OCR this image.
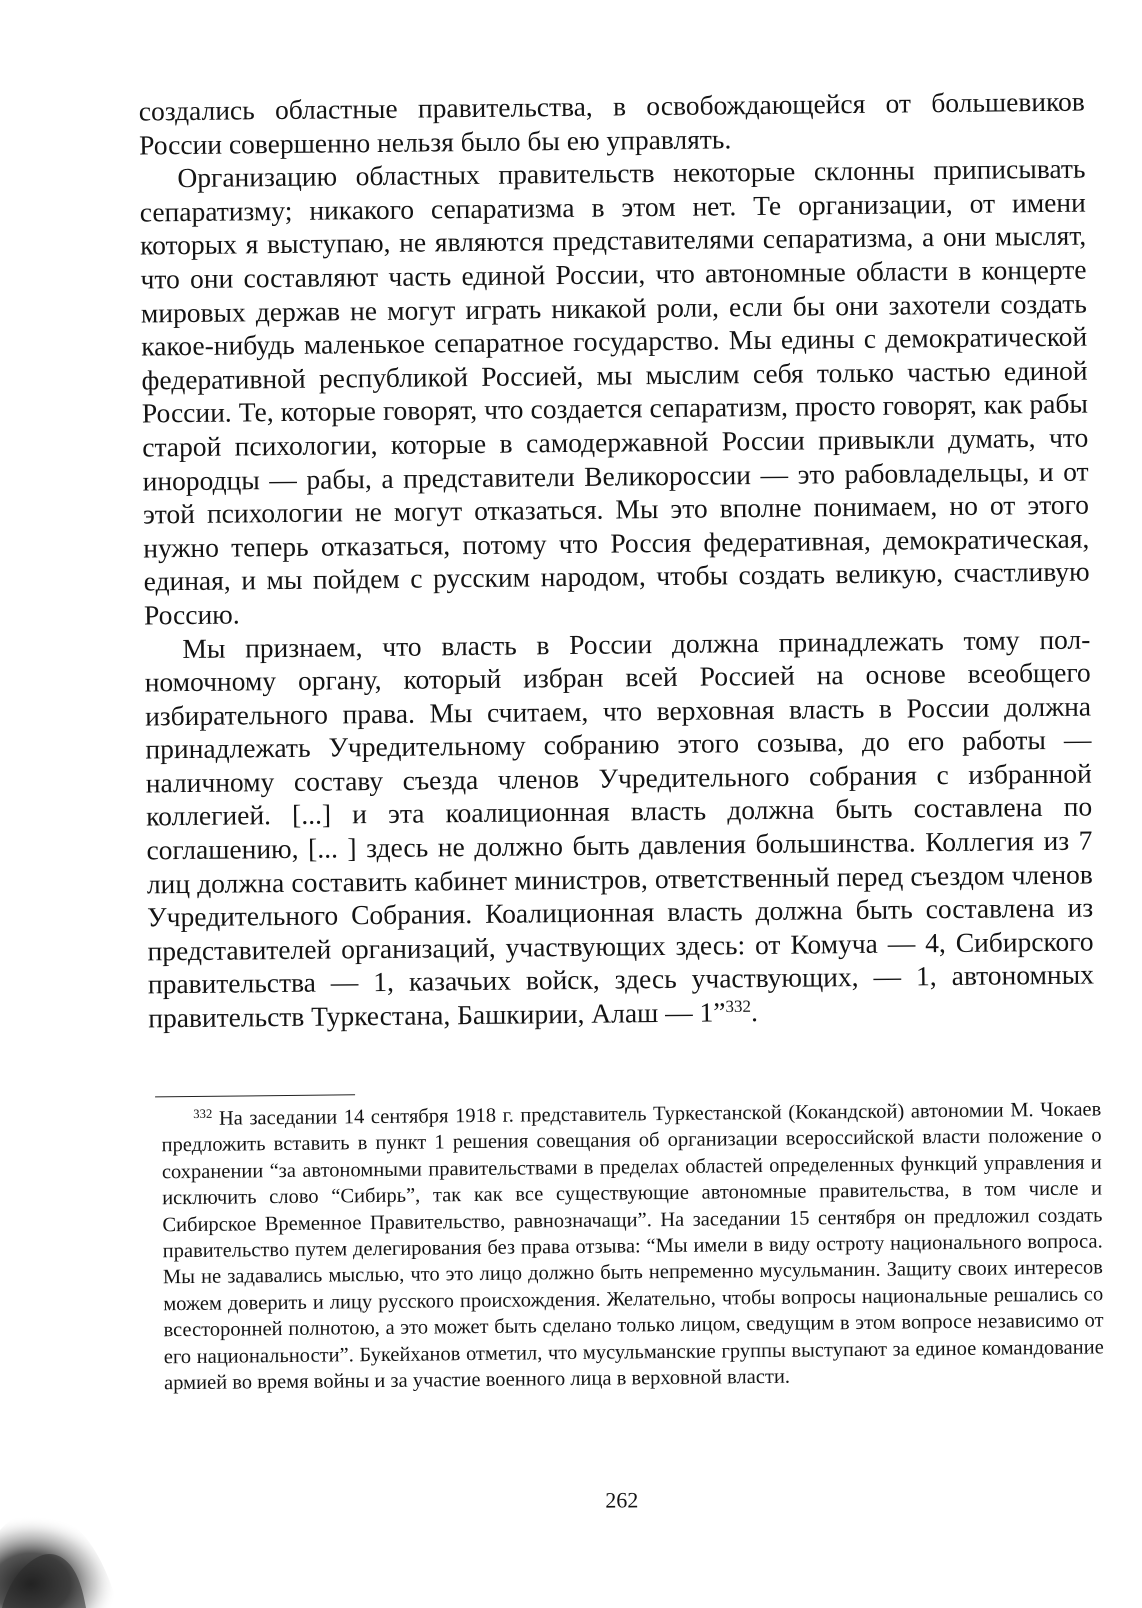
создались областные правительства, в освобождающейся от большевиков России совершенно нельзя было бы ею управлять.

Организацию областных правительств некоторые склонны приписывать сепаратизму; никакого сепаратизма в этом нет. Те организации, от имени которых я выступаю, не являются представителями сепаратизма, а они мыслят, что они составляют часть единой России, что автономные области в концерте мировых держав не могут играть никакой роли, если бы они захотели создать какое-нибудь маленькое сепаратное государство. Мы едины с демократической федеративной республикой Россией, мы мыслим себя только частью единой России. Те, которые говорят, что создается сепаратизм, просто говорят, как рабы старой психологии, которые в самодержавной России привыкли думать, что инородцы — рабы, а представители Великороссии — это рабовладельцы, и от этой психологии не могут отказаться. Мы это вполне понимаем, но от этого нужно теперь отказаться, потому что Россия федеративная, демократическая, единая, и мы пойдем с русским народом, чтобы создать великую, счастливую Россию.

Мы признаем, что власть в России должна принадлежать тому полномочному органу, который избран всей Россией на основе всеобщего избирательного права. Мы считаем, что верховная власть в России должна принадлежать Учредительному собранию этого созыва, до его работы — наличному составу съезда членов Учредительного собрания с избранной коллегией. [...] и эта коалиционная власть должна быть составлена по соглашению, [... ] здесь не должно быть давления большинства. Коллегия из 7 лиц должна составить кабинет министров, ответственный перед съездом членов Учредительного Собрания. Коалиционная власть должна быть составлена из представителей организаций, участвующих здесь: от Комуча — 4, Сибирского правительства — 1, казачьих войск, здесь участвующих, — 1, автономных правительств Туркестана, Башкирии, Алаш — 1”$^{332}$.

$^{332}$ На заседании 14 сентября 1918 г. представитель Туркестанской (Кокандской) автономии М. Чокаев предложить вставить в пункт 1 решения совещания об организации всероссийской власти положение о сохранении “за автономными правительствами в пределах областей определенных функций управления и исключить слово “Сибирь”, так как все существующие автономные правительства, в том числе и Сибирское Временное Правительство, равнозначащи”. На заседании 15 сентября он предложил создать правительство путем делегирования без права отзыва: “Мы имели в виду остроту национального вопроса. Мы не задавались мыслью, что это лицо должно быть непременно мусульманин. Защиту своих интересов можем доверить и лицу русского происхождения. Желательно, чтобы вопросы национальные решались со всесторонней полнотою, а это может быть сделано только лицом, сведущим в этом вопросе независимо от его национальности”. Букейханов отметил, что мусульманские группы выступают за единое командование армией во время войны и за участие военного лица в верховной власти.

262
